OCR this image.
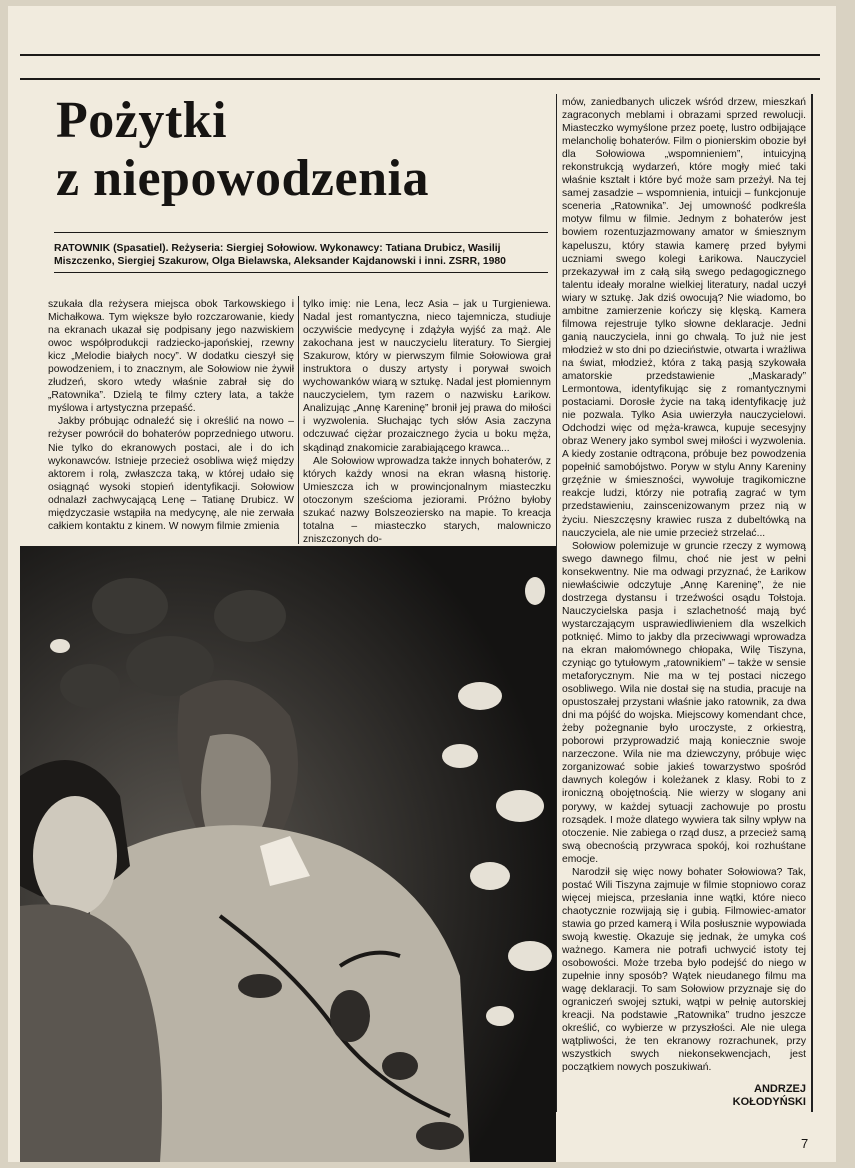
Pożytki
z niepowodzenia

RATOWNIK (Spasatiel). Reżyseria: Siergiej Sołowiow. Wykonawcy: Tatiana Drubicz, Wasilij Miszczenko, Siergiej Szakurow, Olga Bielawska, Aleksander Kajdanowski i inni. ZSRR, 1980

szukała dla reżysera miejsca obok Tarkowskiego i Michałkowa. Tym większe było rozczarowanie, kiedy na ekranach ukazał się podpisany jego nazwiskiem owoc współprodukcji radziecko-japońskiej, rzewny kicz „Melodie białych nocy”. W dodatku cieszył się powodzeniem, i to znacznym, ale Sołowiow nie żywił złudzeń, skoro wtedy właśnie zabrał się do „Ratownika”. Dzielą te filmy cztery lata, a także myślowa i artystyczna przepaść.

Jakby próbując odnaleźć się i określić na nowo – reżyser powrócił do bohaterów poprzedniego utworu. Nie tylko do ekranowych postaci, ale i do ich wykonawców. Istnieje przecież osobliwa więź między aktorem i rolą, zwłaszcza taką, w której udało się osiągnąć wysoki stopień identyfikacji. Sołowiow odnalazł zachwycającą Lenę – Tatianę Drubicz. W międzyczasie wstąpiła na medycynę, ale nie zerwała całkiem kontaktu z kinem. W nowym filmie zmienia

tylko imię: nie Lena, lecz Asia – jak u Turgieniewa. Nadal jest romantyczna, nieco tajemnicza, studiuje oczywiście medycynę i zdążyła wyjść za mąż. Ale zakochana jest w nauczycielu literatury. To Siergiej Szakurow, który w pierwszym filmie Sołowiowa grał instruktora o duszy artysty i porywał swoich wychowanków wiarą w sztukę. Nadal jest płomiennym nauczycielem, tym razem o nazwisku Łarikow. Analizując „Annę Kareninę” bronił jej prawa do miłości i wyzwolenia. Słuchając tych słów Asia zaczyna odczuwać ciężar prozaicznego życia u boku męża, skądinąd znakomicie zarabiającego krawca...

Ale Sołowiow wprowadza także innych bohaterów, z których każdy wnosi na ekran własną historię. Umieszcza ich w prowincjonalnym miasteczku otoczonym sześcioma jeziorami. Próżno byłoby szukać nazwy Bolszeoziersko na mapie. To kreacja totalna – miasteczko starych, malowniczo zniszczonych do-

mów, zaniedbanych uliczek wśród drzew, mieszkań zagraconych meblami i obrazami sprzed rewolucji. Miasteczko wymyślone przez poetę, lustro odbijające melancholię bohaterów. Film o pionierskim obozie był dla Sołowiowa „wspomnieniem”, intuicyjną rekonstrukcją wydarzeń, które mogły mieć taki właśnie kształt i które być może sam przeżył. Na tej samej zasadzie – wspomnienia, intuicji – funkcjonuje sceneria „Ratownika”. Jej umowność podkreśla motyw filmu w filmie. Jednym z bohaterów jest bowiem rozentuzjazmowany amator w śmiesznym kapeluszu, który stawia kamerę przed byłymi uczniami swego kolegi Łarikowa. Nauczyciel przekazywał im z całą siłą swego pedagogicznego talentu ideały moralne wielkiej literatury, nadal uczył wiary w sztukę. Jak dziś owocują? Nie wiadomo, bo ambitne zamierzenie kończy się klęską. Kamera filmowa rejestruje tylko słowne deklaracje. Jedni ganią nauczyciela, inni go chwalą. To już nie jest młodzież w sto dni po dzieciństwie, otwarta i wrażliwa na świat, młodzież, która z taką pasją szykowała amatorskie przedstawienie „Maskarady” Lermontowa, identyfikując się z romantycznymi postaciami. Dorosłe życie na taką identyfikację już nie pozwala. Tylko Asia uwierzyła nauczycielowi. Odchodzi więc od męża-krawca, kupuje secesyjny obraz Wenery jako symbol swej miłości i wyzwolenia. A kiedy zostanie odtrącona, próbuje bez powodzenia popełnić samobójstwo. Poryw w stylu Anny Kareniny grzęźnie w śmieszności, wywołuje tragikomiczne reakcje ludzi, którzy nie potrafią zagrać w tym przedstawieniu, zainscenizowanym przez nią w życiu. Nieszczęsny krawiec rusza z dubeltówką na nauczyciela, ale nie umie przecież strzelać...

Sołowiow polemizuje w gruncie rzeczy z wymową swego dawnego filmu, choć nie jest w pełni konsekwentny. Nie ma odwagi przyznać, że Łarikow niewłaściwie odczytuje „Annę Kareninę”, że nie dostrzega dystansu i trzeźwości osądu Tołstoja. Nauczycielska pasja i szlachetność mają być wystarczającym usprawiedliwieniem dla wszelkich potknięć. Mimo to jakby dla przeciwwagi wprowadza na ekran małomównego chłopaka, Wilę Tiszyna, czyniąc go tytułowym „ratownikiem” – także w sensie metaforycznym. Nie ma w tej postaci niczego osobliwego. Wila nie dostał się na studia, pracuje na opustoszałej przystani właśnie jako ratownik, za dwa dni ma pójść do wojska. Miejscowy komendant chce, żeby pożegnanie było uroczyste, z orkiestrą, poborowi przyprowadzić mają koniecznie swoje narzeczone. Wila nie ma dziewczyny, próbuje więc zorganizować sobie jakieś towarzystwo spośród dawnych kolegów i koleżanek z klasy. Robi to z ironiczną obojętnością. Nie wierzy w slogany ani porywy, w każdej sytuacji zachowuje po prostu rozsądek. I może dlatego wywiera tak silny wpływ na otoczenie. Nie zabiega o rząd dusz, a przecież samą swą obecnością przywraca spokój, koi rozhuśtane emocje.

Narodził się więc nowy bohater Sołowiowa? Tak, postać Wili Tiszyna zajmuje w filmie stopniowo coraz więcej miejsca, przesłania inne wątki, które nieco chaotycznie rozwijają się i gubią. Filmowiec-amator stawia go przed kamerą i Wila posłusznie wypowiada swoją kwestię. Okazuje się jednak, że umyka coś ważnego. Kamera nie potrafi uchwycić istoty tej osobowości. Może trzeba było podejść do niego w zupełnie inny sposób? Wątek nieudanego filmu ma wagę deklaracji. To sam Sołowiow przyznaje się do ograniczeń swojej sztuki, wątpi w pełnię autorskiej kreacji. Na podstawie „Ratownika” trudno jeszcze określić, co wybierze w przyszłości. Ale nie ulega wątpliwości, że ten ekranowy rozrachunek, przy wszystkich swych niekonsekwencjach, jest początkiem nowych poszukiwań.

ANDRZEJ
KOŁODYŃSKI
7
